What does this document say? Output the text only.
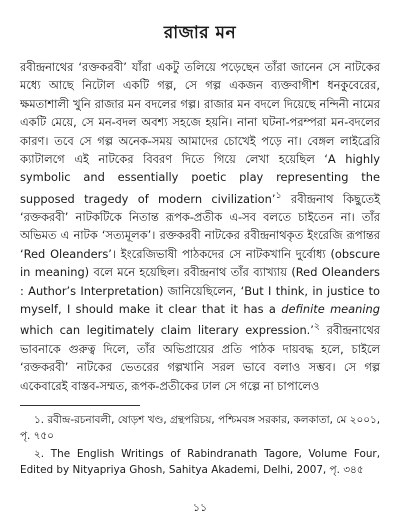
রাজার মন
রবীন্দ্রনাথের ‘রক্তকরবী’ যাঁরা একটু তলিয়ে পড়েছেন তাঁরা জানেন সে নাটকের মধ্যে আছে নিটোল একটি গল্প, সে গল্প একজন ব্যক্তবাগীশ ধনকুবেরের, ক্ষমতাশালী খুনি রাজার মন বদলের গল্প। রাজার মন বদলে দিয়েছে নন্দিনী নামের একটি মেয়ে, সে মন-বদল অবশ্য সহজে হয়নি। নানা ঘটনা-পরম্পরা মন-বদলের কারণ। তবে সে গল্প অনেক-সময় আমাদের চোখেই পড়ে না। বেঙ্গল লাইব্রেরি ক্যাটালগে এই নাটকের বিবরণ দিতে গিয়ে লেখা হয়েছিল ‘A highly symbolic and essentially poetic play representing the supposed tragedy of modern civilization’$^১$ রবীন্দ্রনাথ কিছুতেই ‘রক্তকরবী’ নাটকটিকে নিতান্ত রূপক-প্রতীক এ-সব বলতে চাইতেন না। তাঁর অভিমত এ নাটক ‘সত্যমূলক’। রক্তকরবী নাটকের রবীন্দ্রনাথকৃত ইংরেজি রূপান্তর ‘Red Oleanders’। ইংরেজিভাষী পাঠকদের সে নাটকখানি দুর্বোধ্য (obscure in meaning) বলে মনে হয়েছিল। রবীন্দ্রনাথ তাঁর ব্যাখ্যায় (Red Oleanders : Author’s Interpretation) জানিয়েছিলেন, ‘But I think, in justice to myself, I should make it clear that it has a definite meaning which can legitimately claim literary expression.’$^২$ রবীন্দ্রনাথের ভাবনাকে গুরুত্ব দিলে, তাঁর অভিপ্রায়ের প্রতি পাঠক দায়বদ্ধ হলে, চাইলে ‘রক্তকরবী’ নাটকের ভেতরের গল্পখানি সরল ভাবে বলাও সম্ভব। সে গল্প একেবারেই বাস্তব-সম্মত, রূপক-প্রতীকের ঢাল সে গল্পে না চাপালেও

১. রবীন্দ্র-রচনাবলী, ষোড়শ খণ্ড, গ্রন্থপরিচয়, পশ্চিমবঙ্গ সরকার, কলকাতা, মে ২০০১, পৃ. ৭৫০

২. The English Writings of Rabindranath Tagore, Volume Four, Edited by Nityapriya Ghosh, Sahitya Akademi, Delhi, 2007, পৃ. ৩৪৫

১১
